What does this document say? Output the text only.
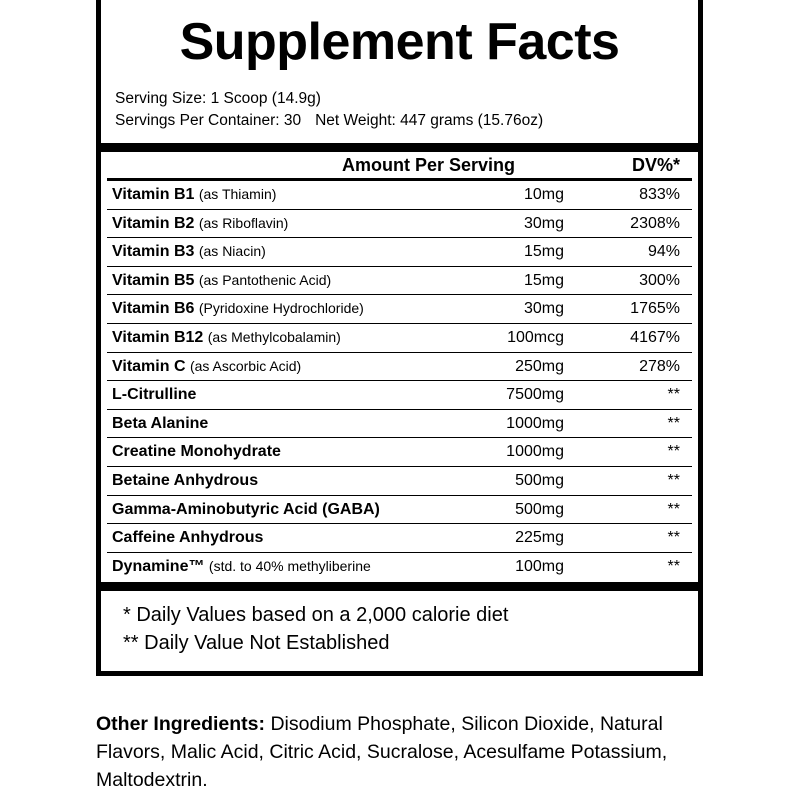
Supplement Facts
Serving Size: 1 Scoop (14.9g)
Servings Per Container: 30 Net Weight: 447 grams (15.76oz)
Amount Per Serving	DV%*
Vitamin B1 (as Thiamin)	10mg	833%
Vitamin B2 (as Riboflavin)	30mg	2308%
Vitamin B3 (as Niacin)	15mg	94%
Vitamin B5 (as Pantothenic Acid)	15mg	300%
Vitamin B6 (Pyridoxine Hydrochloride)	30mg	1765%
Vitamin B12 (as Methylcobalamin)	100mcg	4167%
Vitamin C (as Ascorbic Acid)	250mg	278%
L-Citrulline	7500mg	**
Beta Alanine	1000mg	**
Creatine Monohydrate	1000mg	**
Betaine Anhydrous	500mg	**
Gamma-Aminobutyric Acid (GABA)	500mg	**
Caffeine Anhydrous	225mg	**
Dynamine™ (std. to 40% methyliberine	100mg	**
* Daily Values based on a 2,000 calorie diet
** Daily Value Not Established
Other Ingredients: Disodium Phosphate, Silicon Dioxide, Natural Flavors, Malic Acid, Citric Acid, Sucralose, Acesulfame Potassium, Maltodextrin.
